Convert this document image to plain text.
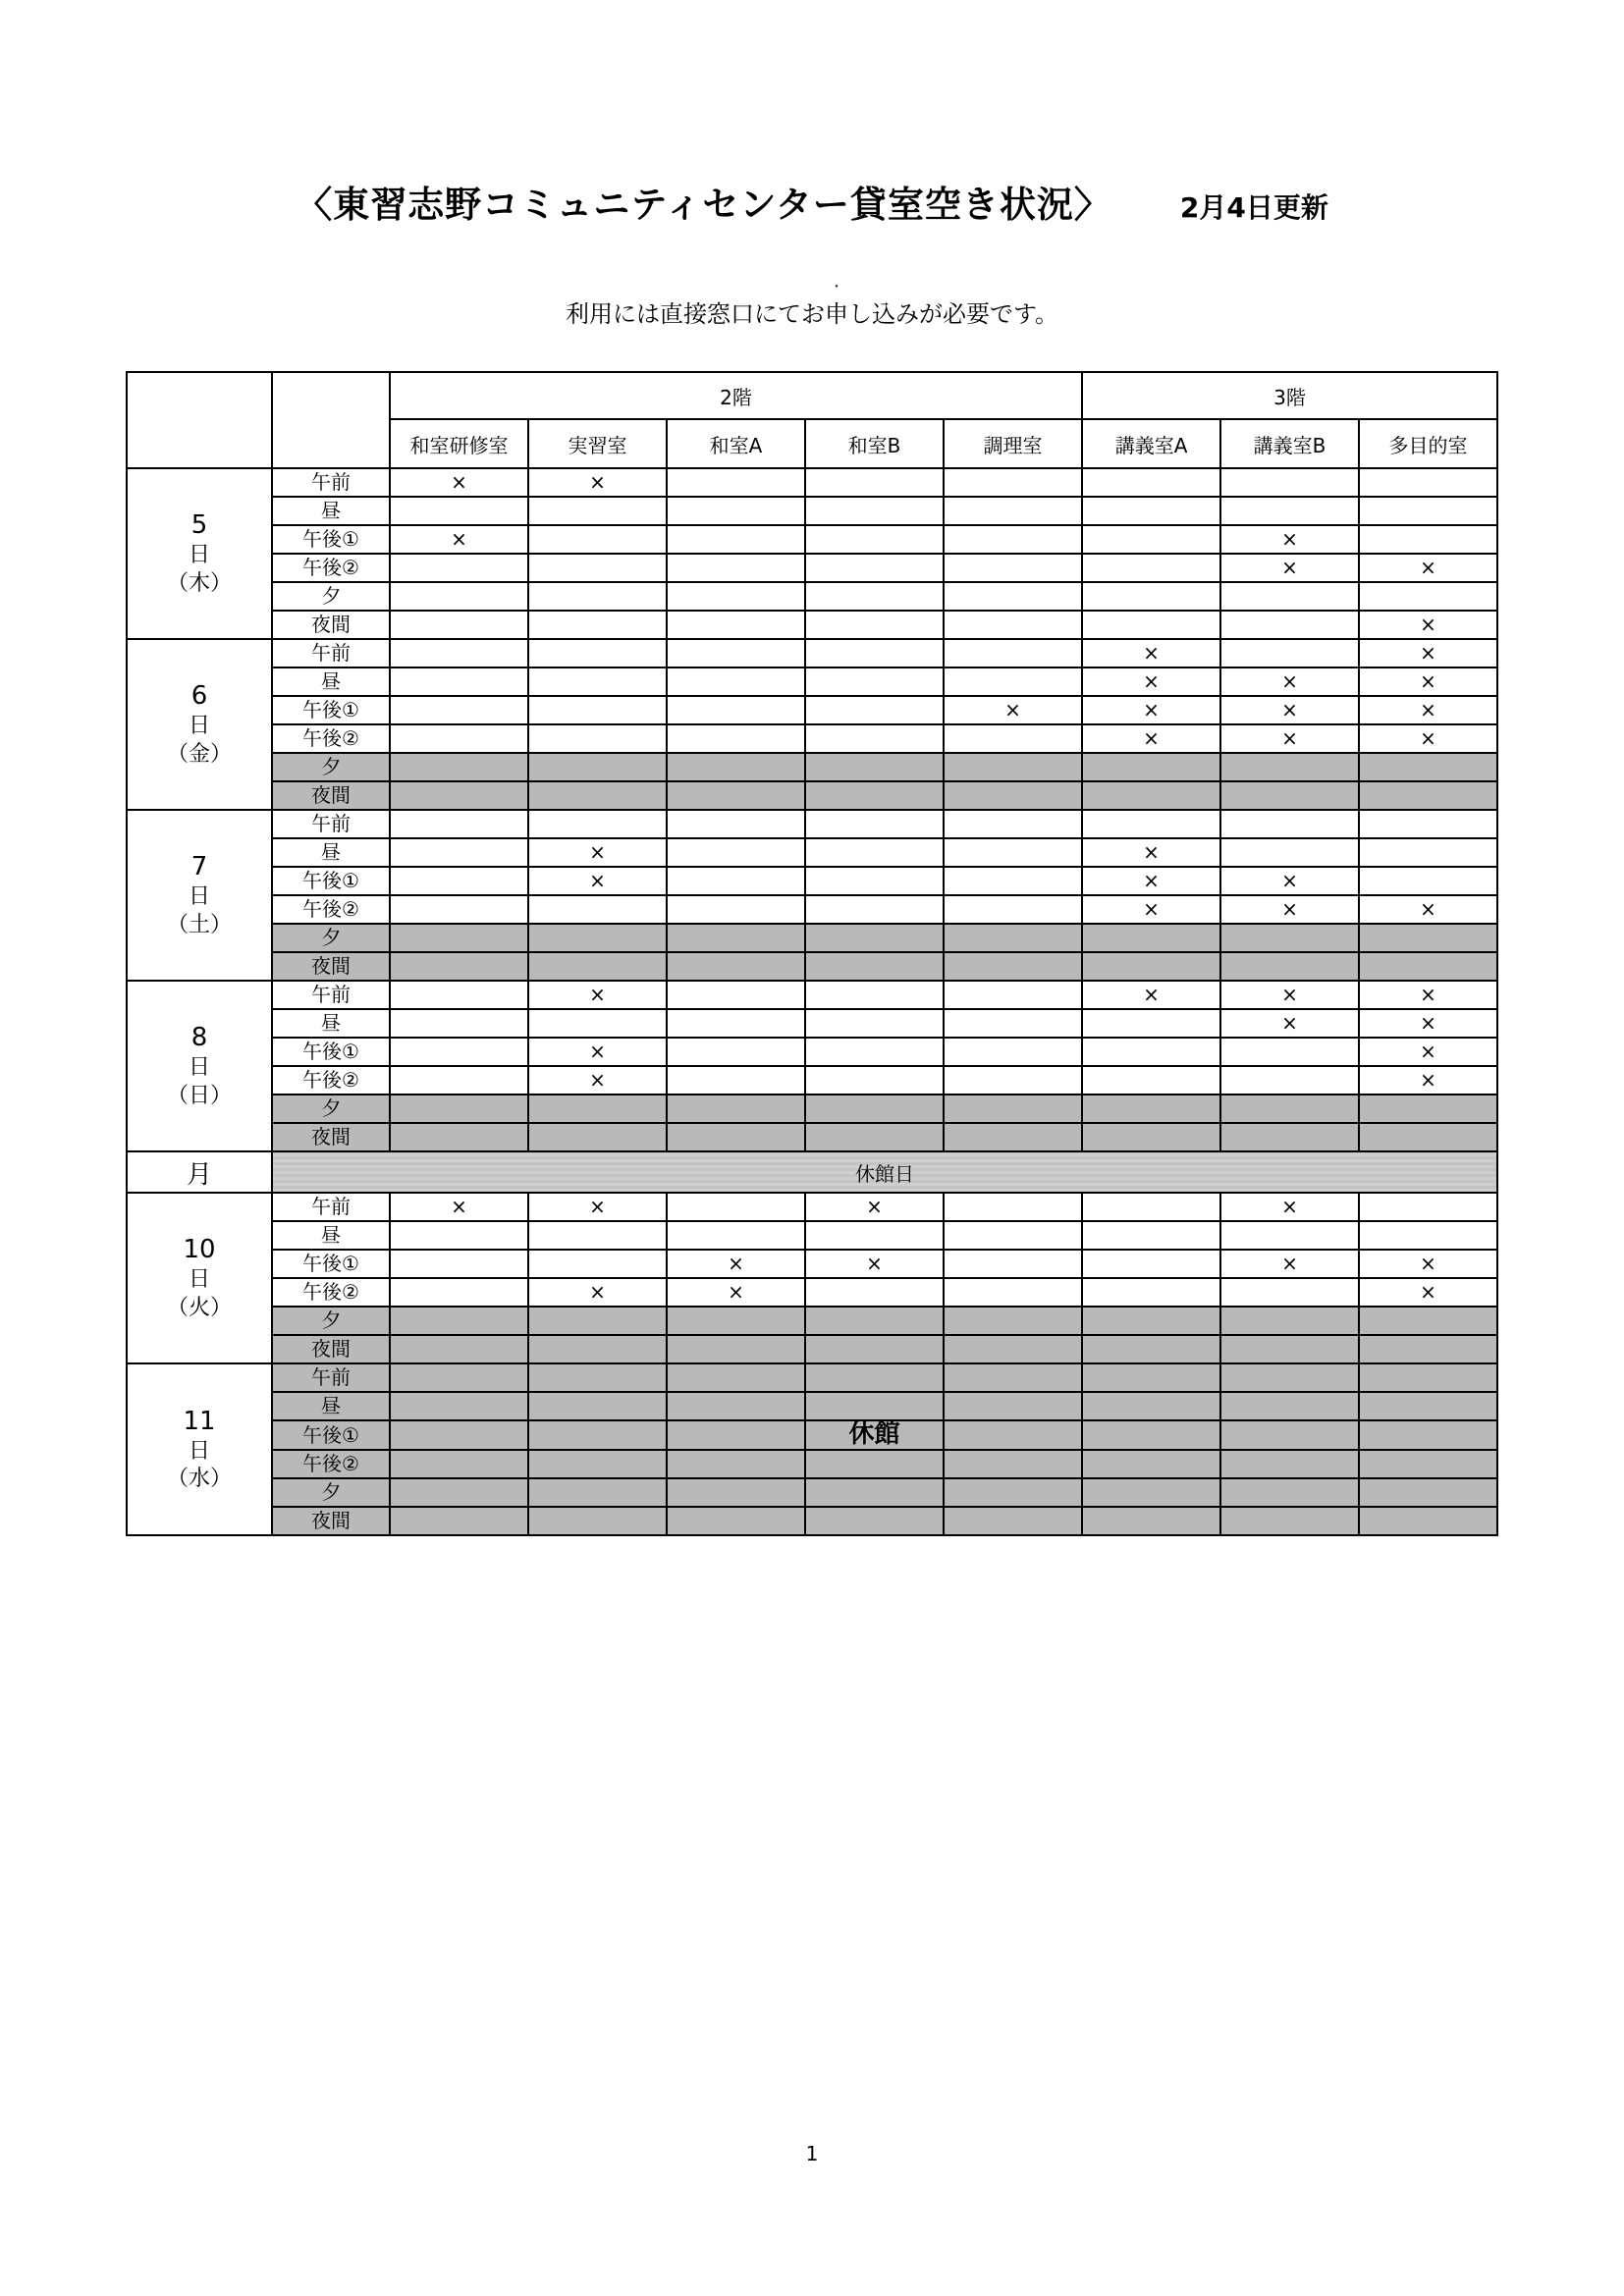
〈東習志野コミュニティセンター貸室空き状況〉	2月4日更新
・
利用には直接窓口にてお申し込みが必要です。
		2階					3階		
		和室研修室	実習室	和室A	和室B	調理室	講義室A	講義室B	多目的室

5
日
（木）	午前	×	×						
	昼								
	午後①	×						×	
	午後②							×	×
	夕								
	夜間								×

6
日
（金）	午前						×		×
	昼						×	×	×
	午後①					×	×	×	×
	午後②						×	×	×
	夕								
	夜間								

7
日
（土）	午前								
	昼		×				×		
	午後①		×				×	×	
	午後②						×	×	×
	夕								
	夜間								

8
日
（日）	午前		×				×	×	×
	昼							×	×
	午後①		×						×
	午後②		×						×
	夕								
	夜間								
月	休館日								

10
日
（火）	午前	×	×		×			×	
	昼								
	午後①			×	×			×	×
	午後②		×	×					×
	夕								
	夜間								

11
日
（水）	午前								
	昼								
	午後①				休館				
	午後②								
	夕								
	夜間								
1
